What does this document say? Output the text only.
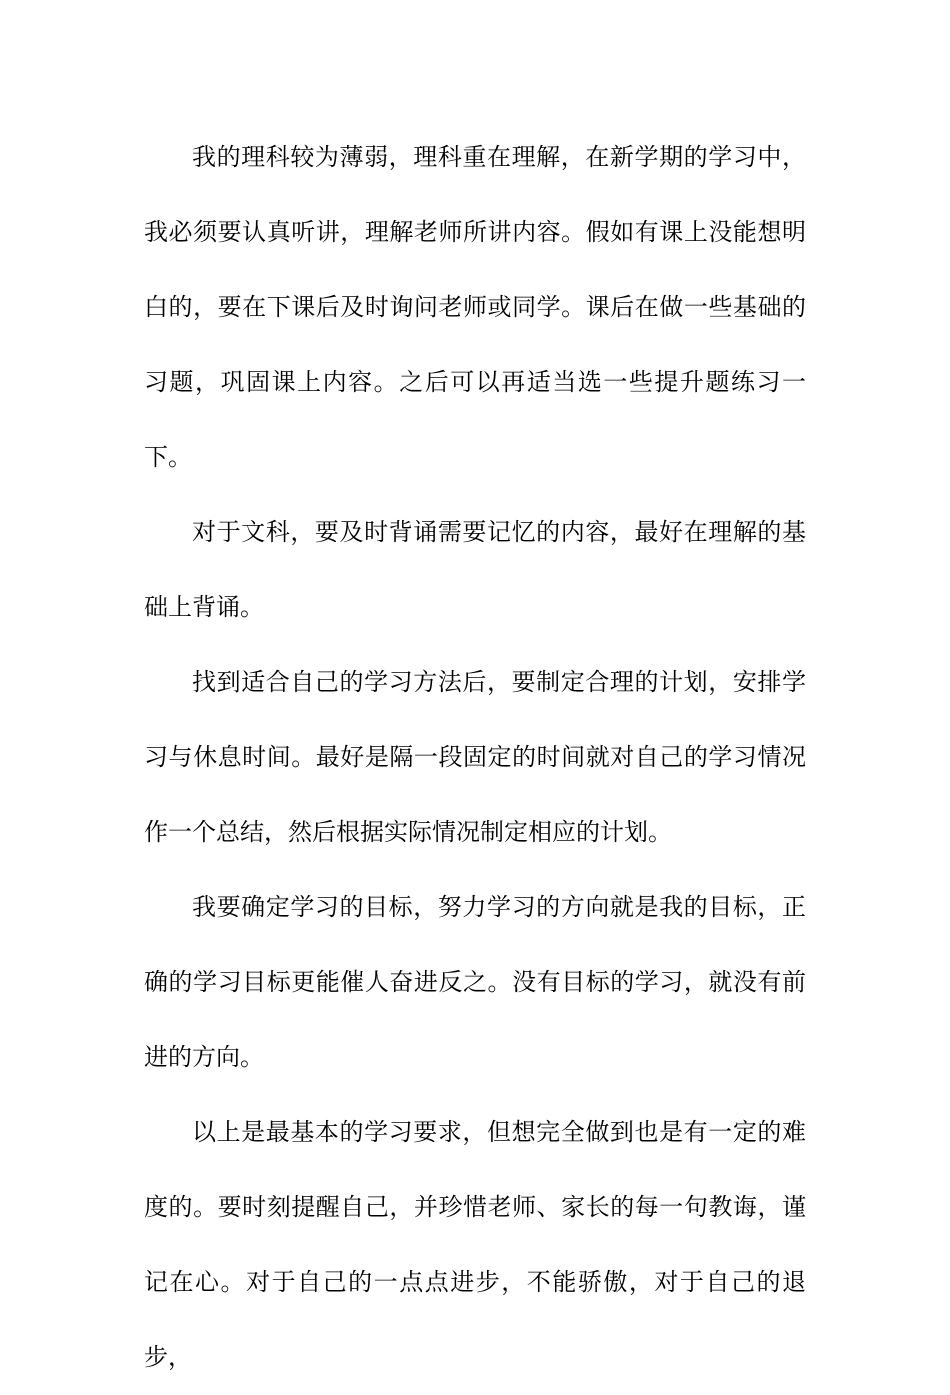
我的理科较为薄弱，理科重在理解，在新学期的学习中，我必须要认真听讲，理解老师所讲内容。假如有课上没能想明白的，要在下课后及时询问老师或同学。课后在做一些基础的习题，巩固课上内容。之后可以再适当选一些提升题练习一下。

对于文科，要及时背诵需要记忆的内容，最好在理解的基础上背诵。

找到适合自己的学习方法后，要制定合理的计划，安排学习与休息时间。最好是隔一段固定的时间就对自己的学习情况作一个总结，然后根据实际情况制定相应的计划。

我要确定学习的目标，努力学习的方向就是我的目标，正确的学习目标更能催人奋进反之。没有目标的学习，就没有前进的方向。

以上是最基本的学习要求，但想完全做到也是有一定的难度的。要时刻提醒自己，并珍惜老师、家长的每一句教诲，谨记在心。对于自己的一点点进步，不能骄傲，对于自己的退步，
